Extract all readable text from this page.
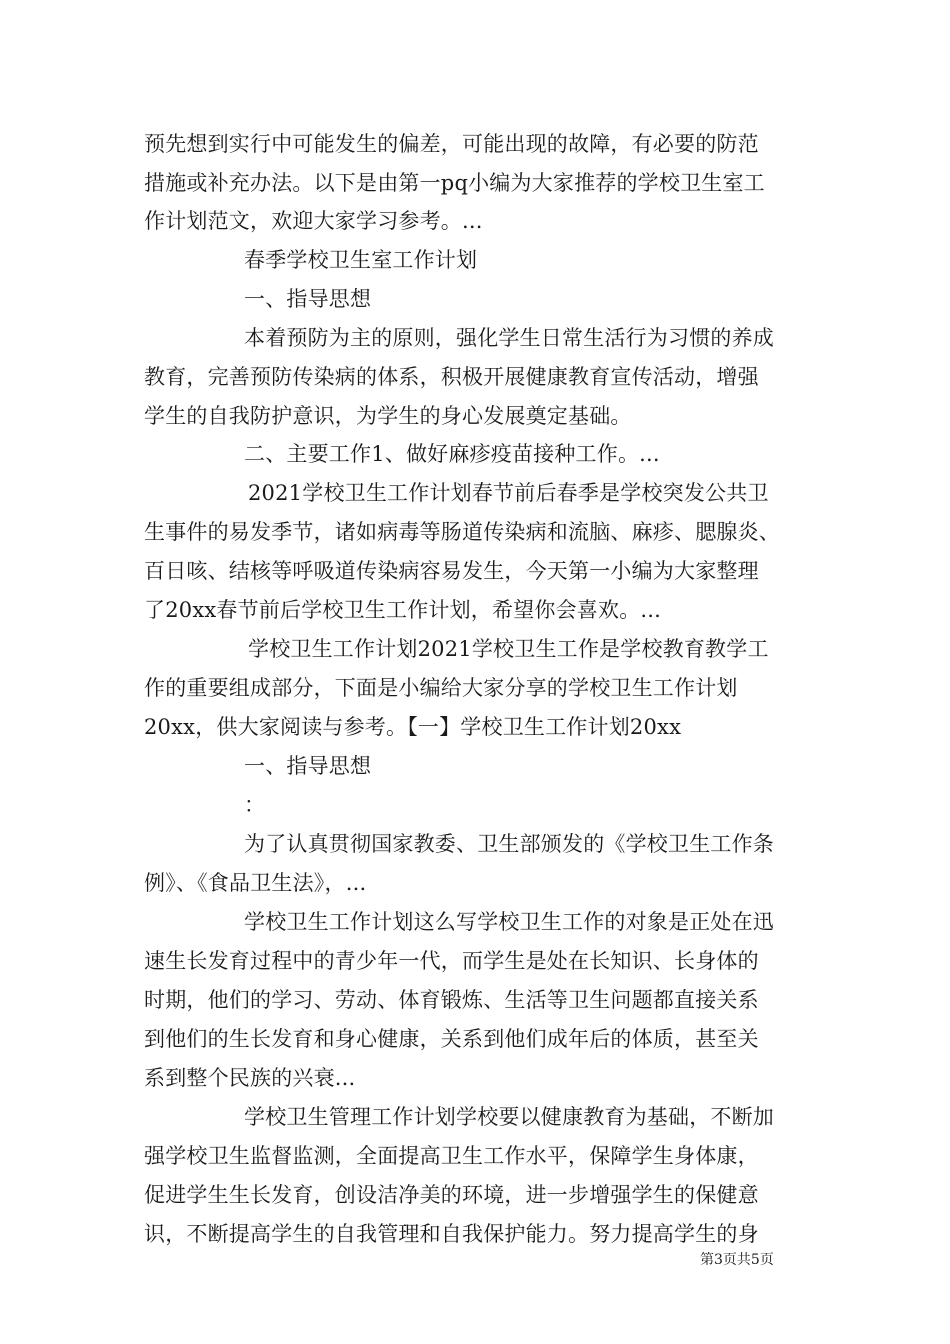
预先想到实行中可能发生的偏差，可能出现的故障，有必要的防范
措施或补充办法。以下是由第一pq小编为大家推荐的学校卫生室工
作计划范文，欢迎大家学习参考。...
春季学校卫生室工作计划
一、指导思想
本着预防为主的原则，强化学生日常生活行为习惯的养成
教育，完善预防传染病的体系，积极开展健康教育宣传活动，增强
学生的自我防护意识，为学生的身心发展奠定基础。
二、主要工作1、做好麻疹疫苗接种工作。...
2021学校卫生工作计划春节前后春季是学校突发公共卫
生事件的易发季节，诸如病毒等肠道传染病和流脑、麻疹、腮腺炎、
百日咳、结核等呼吸道传染病容易发生，今天第一小编为大家整理
了20xx春节前后学校卫生工作计划，希望你会喜欢。...
学校卫生工作计划2021学校卫生工作是学校教育教学工
作的重要组成部分，下面是小编给大家分享的学校卫生工作计划
20xx，供大家阅读与参考。【一】学校卫生工作计划20xx
一、指导思想
：
为了认真贯彻国家教委、卫生部颁发的《学校卫生工作条
例》、《食品卫生法》，...
学校卫生工作计划这么写学校卫生工作的对象是正处在迅
速生长发育过程中的青少年一代，而学生是处在长知识、长身体的
时期，他们的学习、劳动、体育锻炼、生活等卫生问题都直接关系
到他们的生长发育和身心健康，关系到他们成年后的体质，甚至关
系到整个民族的兴衰...
学校卫生管理工作计划学校要以健康教育为基础，不断加
强学校卫生监督监测，全面提高卫生工作水平，保障学生身体康，
促进学生生长发育，创设洁净美的环境，进一步增强学生的保健意
识，不断提高学生的自我管理和自我保护能力。努力提高学生的身
第3页共5页
